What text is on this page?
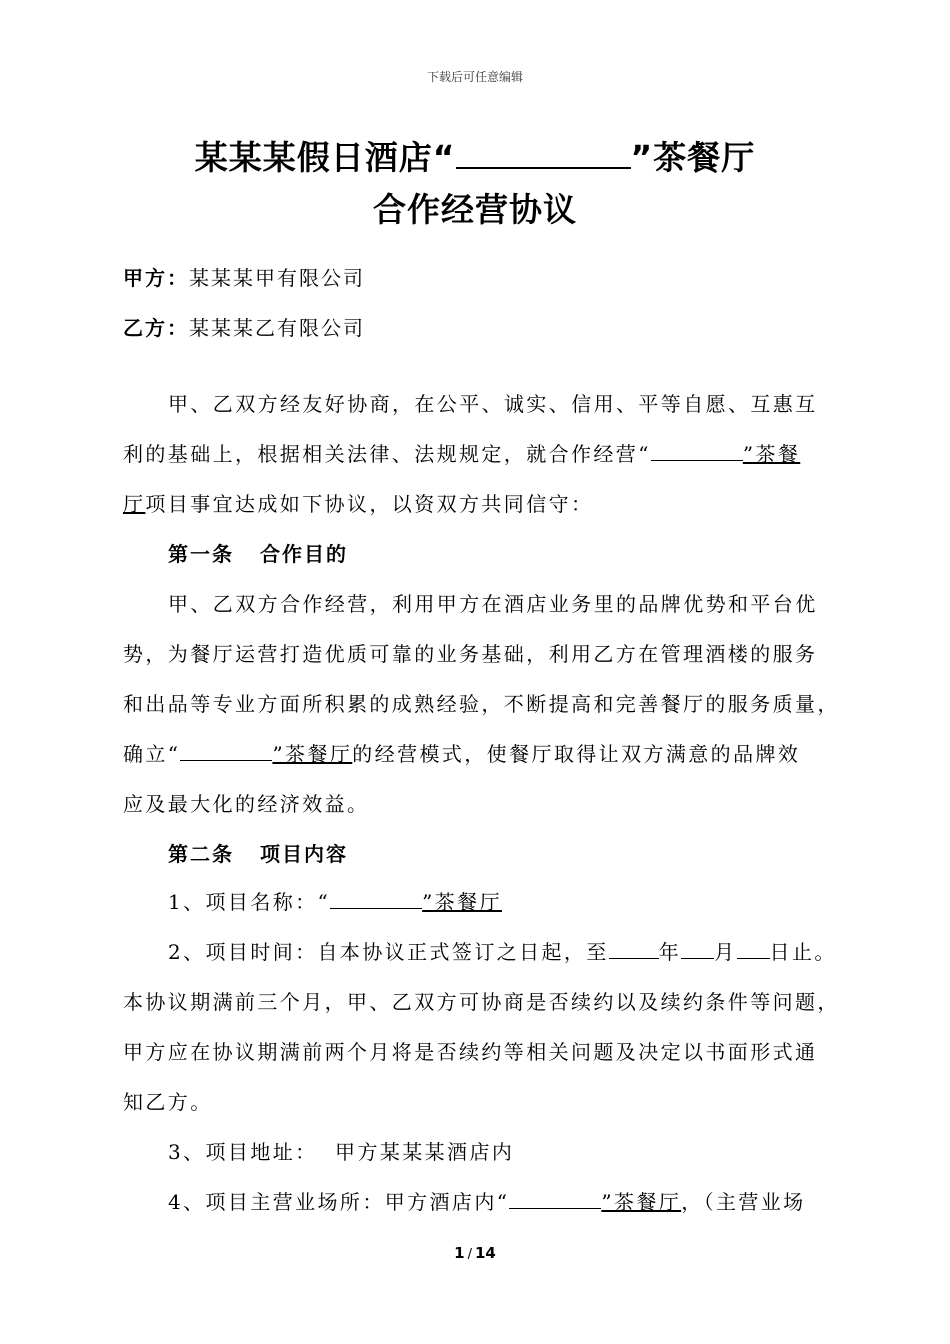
下载后可任意编辑
某某某假日酒店“	”茶餐厅
合作经营协议
甲方：某某某甲有限公司
乙方：某某某乙有限公司
甲、乙双方经友好协商，在公平、诚实、信用、平等自愿、互惠互
利的基础上，根据相关法律、法规规定，就合作经营“	”茶餐
厅项目事宜达成如下协议，以资双方共同信守：
第一条 合作目的
甲、乙双方合作经营，利用甲方在酒店业务里的品牌优势和平台优
势，为餐厅运营打造优质可靠的业务基础，利用乙方在管理酒楼的服务
和出品等专业方面所积累的成熟经验，不断提高和完善餐厅的服务质量，
确立“	”茶餐厅的经营模式，使餐厅取得让双方满意的品牌效
应及最大化的经济效益。
第二条 项目内容
1、项目名称：“	”茶餐厅
2、项目时间：自本协议正式签订之日起，至	年 月 日止。
本协议期满前三个月，甲、乙双方可协商是否续约以及续约条件等问题，
甲方应在协议期满前两个月将是否续约等相关问题及决定以书面形式通
知乙方。
3、项目地址：  甲方某某某酒店内
4、项目主营业场所：甲方酒店内“	”茶餐厅，（主营业场
1 / 14
